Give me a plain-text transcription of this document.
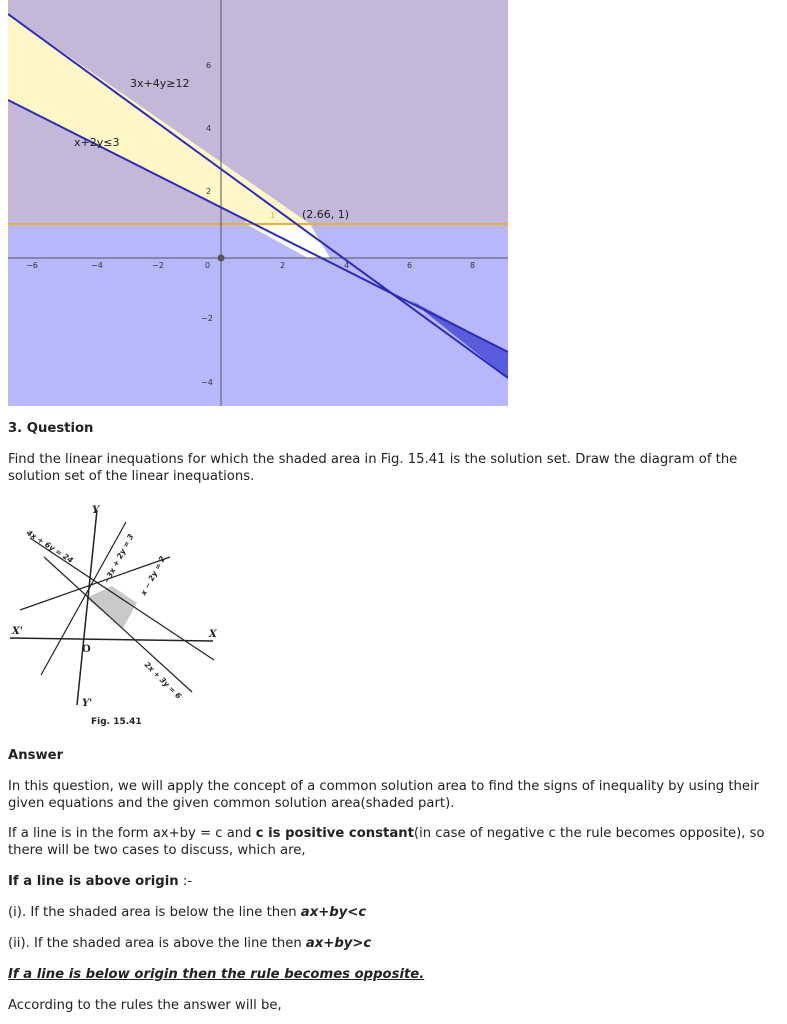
−6	−4	−2	0	2	4	6	8
6
4
2
−2
−4
3x+4y≥12
x+2y≤3
(2.66, 1)
1

3. Question

Find the linear inequations for which the shaded area in Fig. 15.41 is the solution set. Draw the diagram of the solution set of the linear inequations.

Y
Y'
X
X'
O
4x + 6y = 24	−3x + 2y = 3 x − 2y = 2
2x + 3y = 6
Fig. 15.41

Answer

In this question, we will apply the concept of a common solution area to find the signs of inequality by using their given equations and the given common solution area(shaded part).

If a line is in the form ax+by = c and c is positive constant(in case of negative c the rule becomes opposite), so there will be two cases to discuss, which are,

If a line is above origin :-

(i). If the shaded area is below the line then ax+by<c

(ii). If the shaded area is above the line then ax+by>c

If a line is below origin then the rule becomes opposite.

According to the rules the answer will be,
